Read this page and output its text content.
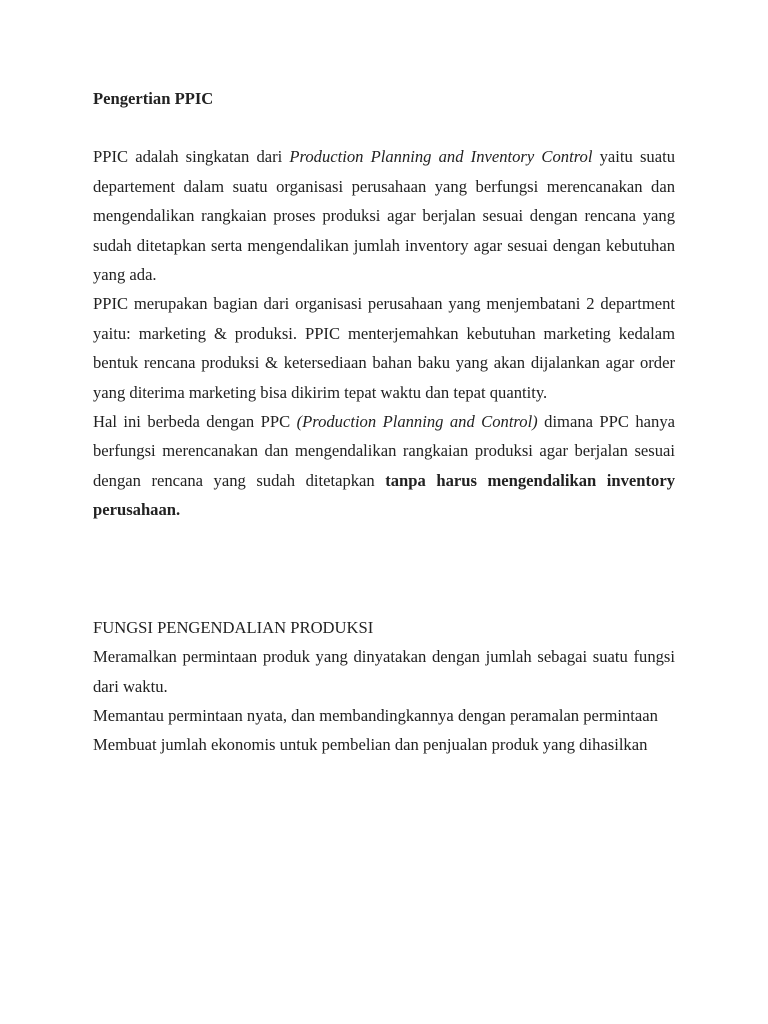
Pengertian PPIC

PPIC adalah singkatan dari Production Planning and Inventory Control yaitu suatu departement dalam suatu organisasi perusahaan yang berfungsi merencanakan dan mengendalikan rangkaian proses produksi agar berjalan sesuai dengan rencana yang sudah ditetapkan serta mengendalikan jumlah inventory agar sesuai dengan kebutuhan yang ada.

PPIC merupakan bagian dari organisasi perusahaan yang menjembatani 2 department yaitu: marketing & produksi. PPIC menterjemahkan kebutuhan marketing kedalam bentuk rencana produksi & ketersediaan bahan baku yang akan dijalankan agar order yang diterima marketing bisa dikirim tepat waktu dan tepat quantity.

Hal ini berbeda dengan PPC (Production Planning and Control) dimana PPC hanya berfungsi merencanakan dan mengendalikan rangkaian produksi agar berjalan sesuai dengan rencana yang sudah ditetapkan tanpa harus mengendalikan inventory perusahaan.

FUNGSI PENGENDALIAN PRODUKSI

Meramalkan permintaan produk yang dinyatakan dengan jumlah sebagai suatu fungsi dari waktu.

Memantau permintaan nyata, dan membandingkannya dengan peramalan permintaan

Membuat jumlah ekonomis untuk pembelian dan penjualan produk yang dihasilkan
